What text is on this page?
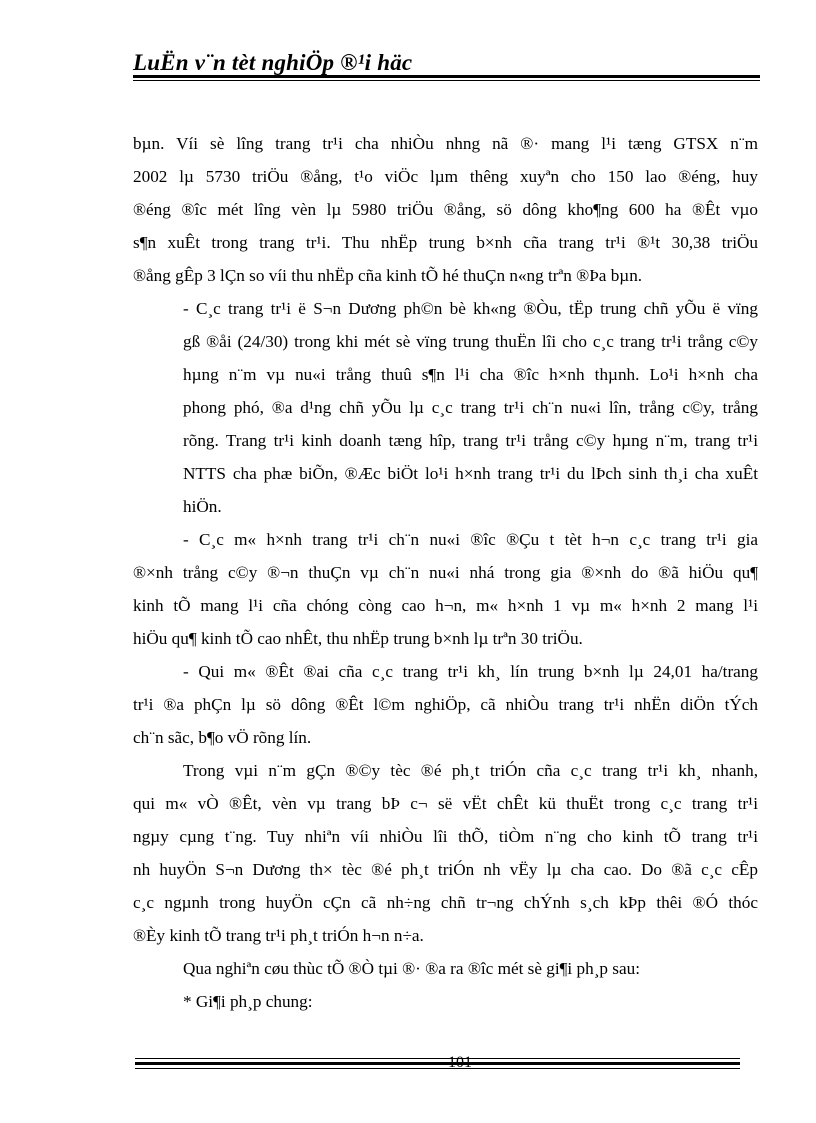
LuËn v¨n tèt nghiÖp ®¹i häc

bµn. Víi sè lîng trang tr¹i cha nhiÒu nhng nã ®· mang l¹i tæng GTSX n¨m
2002 lµ 5730 triÖu ®ång, t¹o viÖc lµm thêng xuyªn cho 150 lao ®éng, huy
®éng ®îc mét lîng vèn lµ 5980 triÖu ®ång, sö dông kho¶ng 600 ha ®Êt vµo
s¶n xuÊt trong trang tr¹i. Thu nhËp trung b×nh cña trang tr¹i ®¹t 30,38 triÖu
®ång gÊp 3 lÇn so víi thu nhËp cña kinh tÕ hé thuÇn n«ng trªn ®Þa bµn.

- C¸c trang tr¹i ë S¬n Dương ph©n bè kh«ng ®Òu, tËp trung chñ yÕu ë vïng
gß ®åi (24/30) trong khi mét sè vïng trung thuËn lîi cho c¸c trang tr¹i trång c©y
hµng n¨m vµ nu«i trång thuû s¶n l¹i cha ®îc h×nh thµnh. Lo¹i h×nh cha
phong phó, ®a d¹ng chñ yÕu lµ c¸c trang tr¹i ch¨n nu«i lîn, trång c©y, trång
rõng. Trang tr¹i kinh doanh tæng hîp, trang tr¹i trång c©y hµng n¨m, trang tr¹i
NTTS cha phæ biÕn, ®Æc biÖt lo¹i h×nh trang tr¹i du lÞch sinh th¸i cha xuÊt
hiÖn.

- C¸c m« h×nh trang tr¹i ch¨n nu«i ®îc ®Çu t tèt h¬n c¸c trang tr¹i gia
®×nh trång c©y ®¬n thuÇn vµ ch¨n nu«i nhá trong gia ®×nh do ®ã hiÖu qu¶
kinh tÕ mang l¹i cña chóng còng cao h¬n, m« h×nh 1 vµ m« h×nh 2 mang l¹i
hiÖu qu¶ kinh tÕ cao nhÊt, thu nhËp trung b×nh lµ trªn 30 triÖu.

- Qui m« ®Êt ®ai cña c¸c trang tr¹i kh¸ lín trung b×nh lµ 24,01 ha/trang
tr¹i ®a phÇn lµ sö dông ®Êt l©m nghiÖp, cã nhiÒu trang tr¹i nhËn diÖn tÝch
ch¨n sãc, b¶o vÖ rõng lín.

Trong vµi n¨m gÇn ®©y tèc ®é ph¸t triÓn cña c¸c trang tr¹i kh¸ nhanh,
qui m« vÒ ®Êt, vèn vµ trang bÞ c¬ së vËt chÊt kü thuËt trong c¸c trang tr¹i
ngµy cµng t¨ng. Tuy nhiªn víi nhiÒu lîi thÕ, tiÒm n¨ng cho kinh tÕ trang tr¹i
nh huyÖn S¬n Dương th× tèc ®é ph¸t triÓn nh vËy lµ cha cao. Do ®ã c¸c cÊp
c¸c ngµnh trong huyÖn cÇn cã nh÷ng chñ tr¬ng chÝnh s¸ch kÞp thêi ®Ó thóc
®Èy kinh tÕ trang tr¹i ph¸t triÓn h¬n n÷a.

Qua nghiªn cøu thùc tÕ ®Ò tµi ®· ®a ra ®îc mét sè gi¶i ph¸p sau:

* Gi¶i ph¸p chung:

101
